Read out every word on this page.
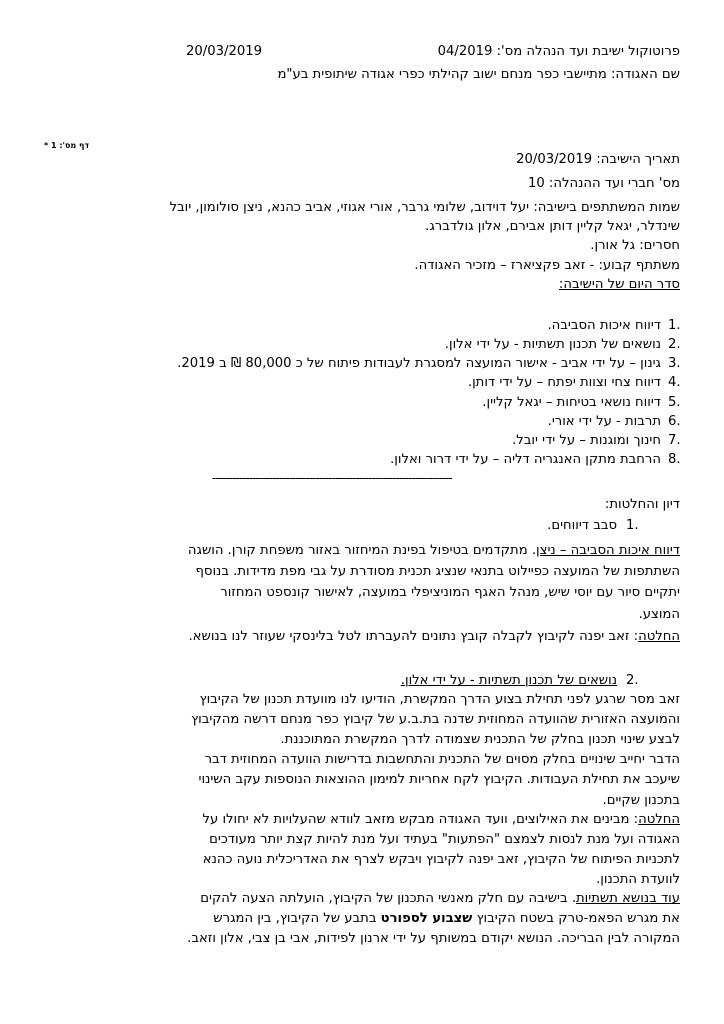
פרוטוקול ישיבת ועד הנהלה מס': 04/2019
20/03/2019
שם האגודה: מתיישבי כפר מנחם ישוב קהילתי כפרי אגודה שיתופית בע"מ
דף מס': 1 *
תאריך הישיבה: 20/03/2019
מס' חברי ועד ההנהלה: 10
שמות המשתתפים בישיבה: יעל דוידוב, שלומי גרבר, אורי אגוזי, אביב כהנא, ניצן סולומון, יובל
שינדלר, יגאל קליין דותן אבירם, אלון גולדברג.
חסרים: גל אורן.
משתתף קבוע: - זאב פקציארז – מזכיר האגודה.
סדר היום של הישיבה:
1.
דיווח איכות הסביבה.
2.
נושאים של תכנון תשתיות - על ידי אלון.
3.
גינון – על ידי אביב - אישור המועצה למסגרת לעבודות פיתוח של כ 80,000 ₪ ב 2019.
4.
דיווח צחי וצוות יפתח – על ידי דותן.
5.
דיווח נושאי בטיחות – יגאל קליין.
6.
תרבות - על ידי אורי.
7.
חינוך ומוגנות – על ידי יובל.
8.
הרחבת מתקן האנגריה דליה – על ידי דרור ואלון.
------------------------------------------------------------------------
דיון והחלטות:
1.
סבב דיווחים.
דיווח איכות הסביבה – ניצן. מתקדמים בטיפול בפינת המיחזור באזור משפחת קורן. הושגה
השתתפות של המועצה כפיילוט בתנאי שנציג תכנית מסודרת על גבי מפת מדידות. בנוסף
יתקיים סיור עם יוסי שיש, מנהל האגף המוניציפלי במועצה, לאישור קונספט המחזור
המוצע.
החלטה: זאב יפנה לקיבוץ לקבלה קובץ נתונים להעברתו לטל בלינסקי שעוזר לנו בנושא.
2.
נושאים של תכנון תשתיות - על ידי אלון.
זאב מסר שרגע לפני תחילת בצוע הדרך המקשרת, הודיעו לנו מוועדת תכנון של הקיבוץ
והמועצה האזורית שהוועדה המחוזית שדנה בת.ב.ע של קיבוץ כפר מנחם דרשה מהקיבוץ
לבצע שינוי תכנון בחלק של התכנית שצמודה לדרך המקשרת המתוכננת.
הדבר יחייב שינויים בחלק מסוים של התכנית והתחשבות בדרישות הוועדה המחוזית דבר
שיעכב את תחילת העבודות. הקיבוץ לקח אחריות למימון ההוצאות הנוספות עקב השינוי
בתכנון שקיים.
החלטה: מבינים את האילוצים, וועד האגודה מבקש מזאב לוודא שהעלויות לא יחולו על
האגודה ועל מנת לנסות לצמצם "הפתעות" בעתיד ועל מנת להיות קצת יותר מעודכים
לתכניות הפיתוח של הקיבוץ, זאב יפנה לקיבוץ ויבקש לצרף את האדריכלית נועה כהנא
לוועדת התכנון.
עוד בנושא תשתיות. בישיבה עם חלק מאנשי התכנון של הקיבוץ, הועלתה הצעה להקים
את מגרש הפאמ-טרק בשטח הקיבוץ שצבוע לספורט בתבע של הקיבוץ, בין המגרש
המקורה לבין הבריכה. הנושא יקודם במשותף על ידי ארנון לפידות, אבי בן צבי, אלון וזאב.
